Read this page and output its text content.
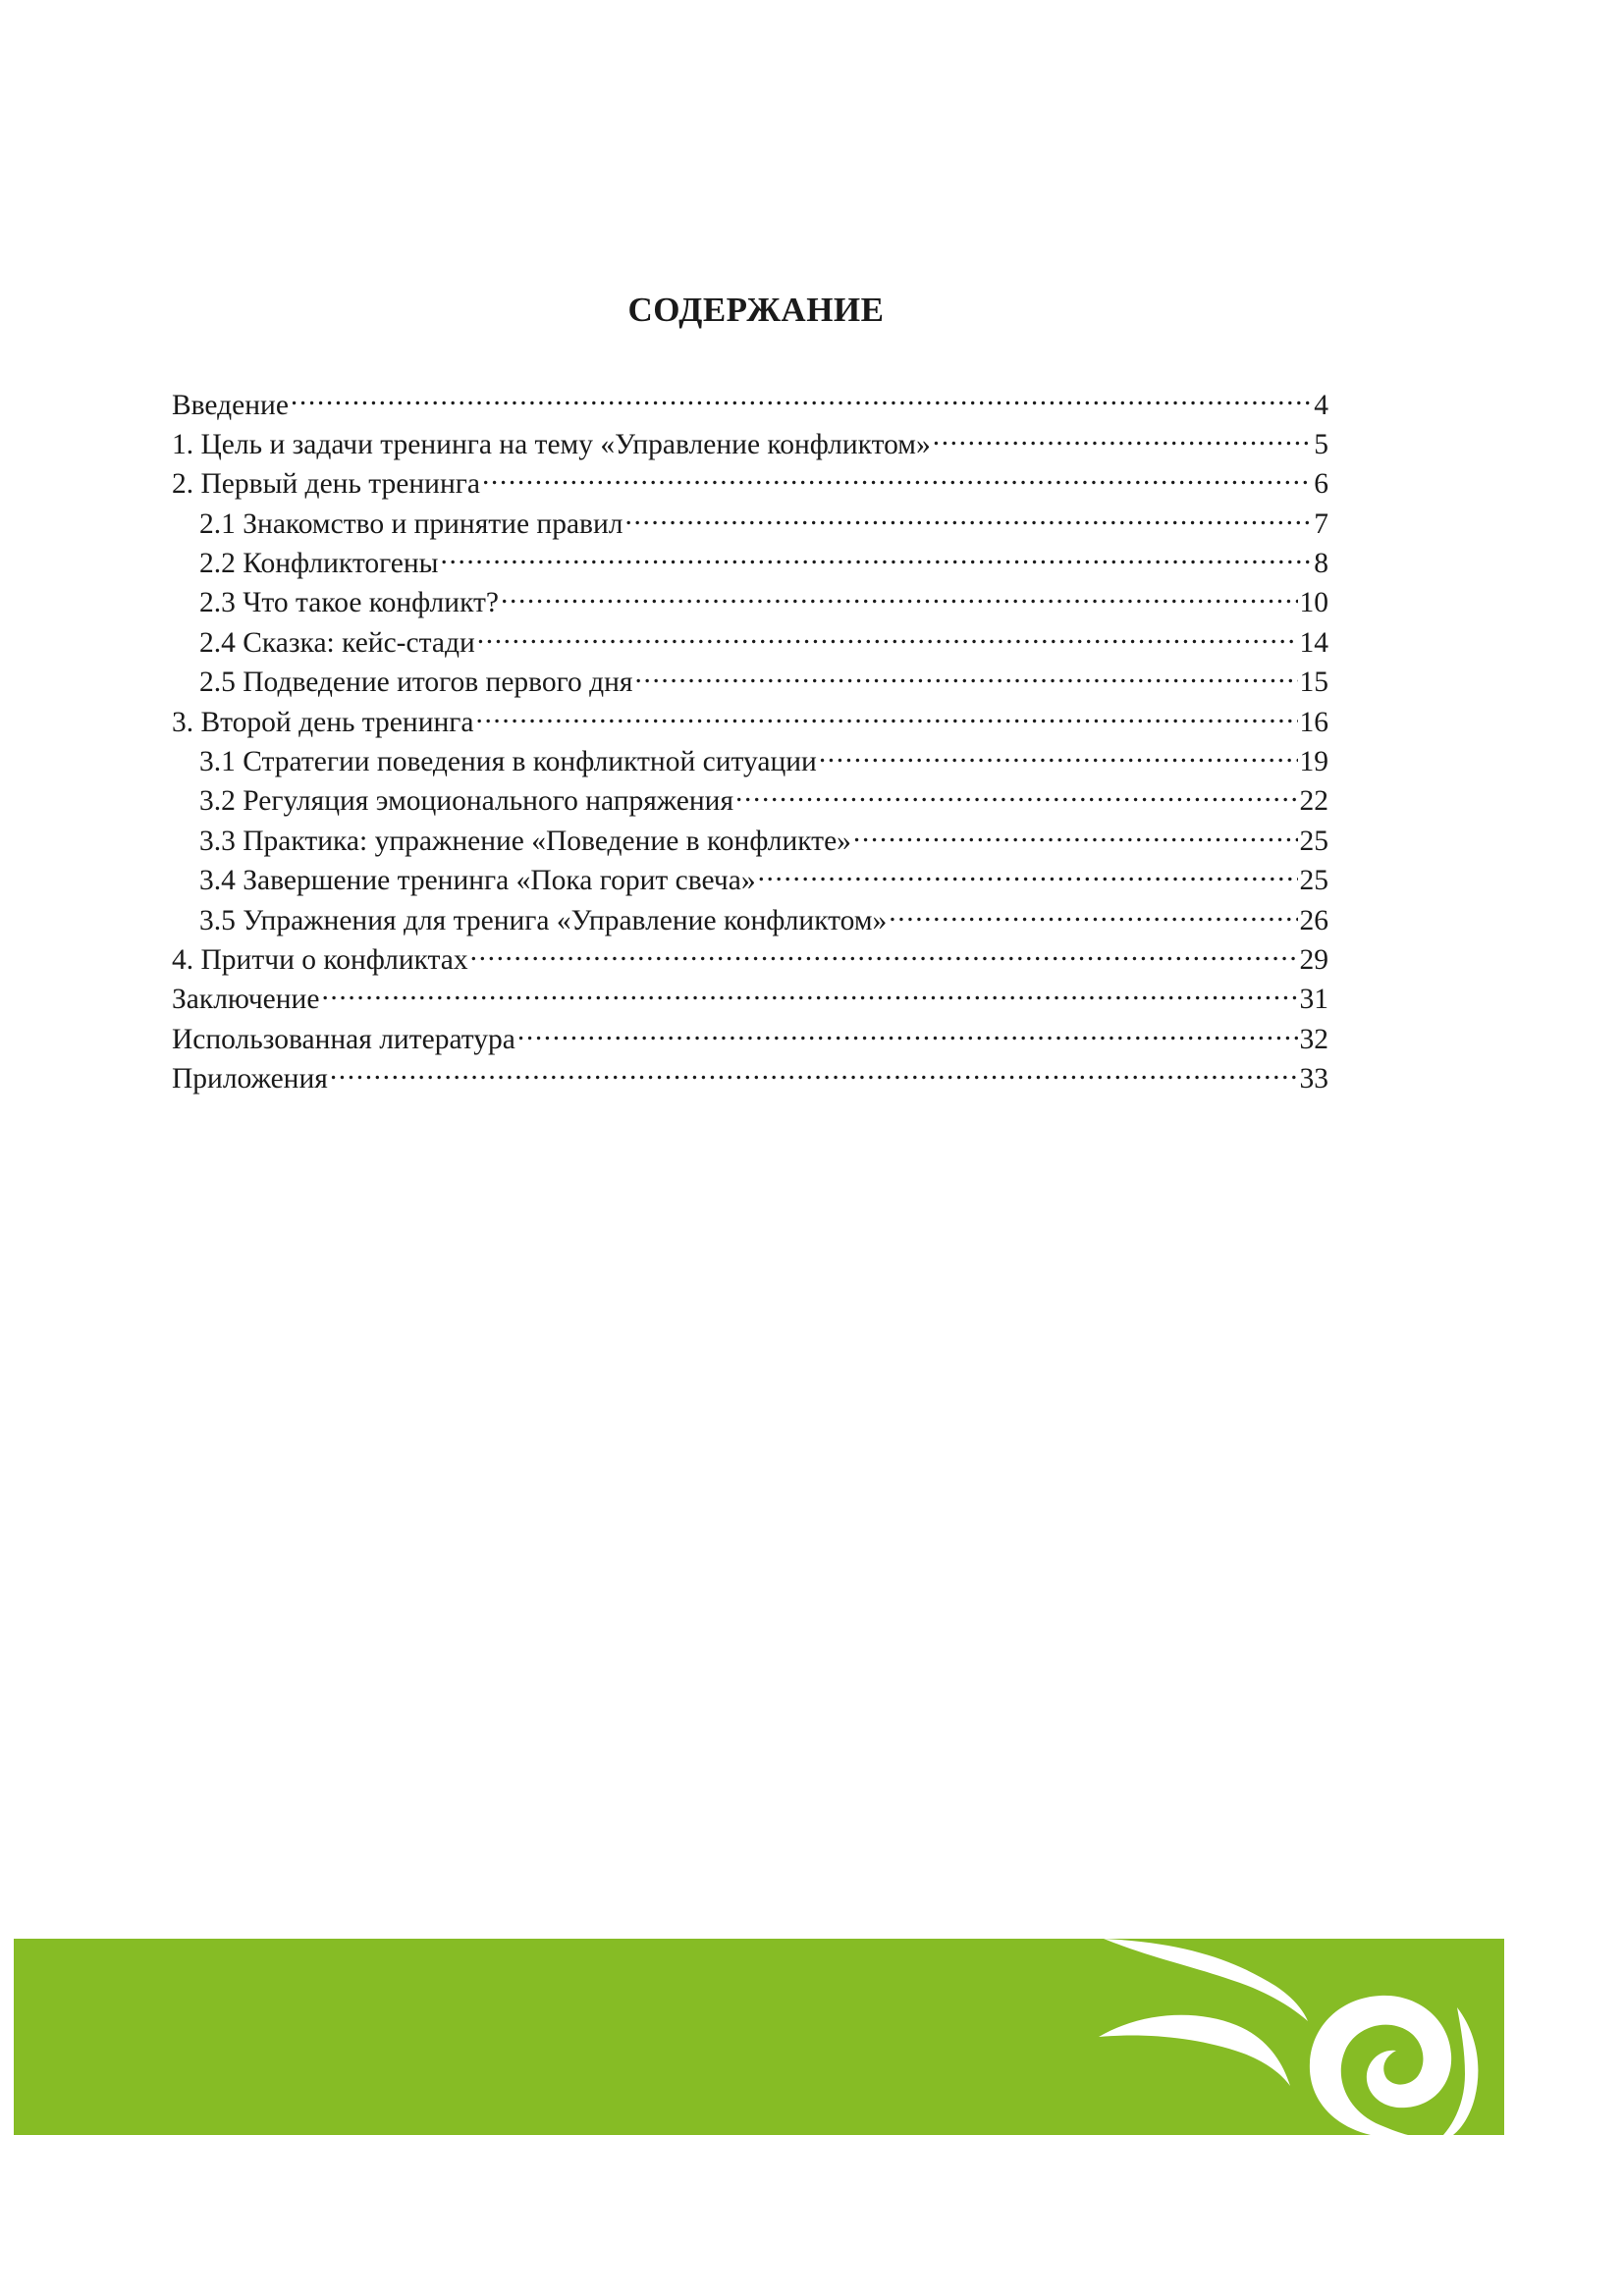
СОДЕРЖАНИЕ
Введение .....	4
1. Цель и задачи тренинга на тему «Управление конфликтом» .....	5
2. Первый день тренинга .....	6
2.1 Знакомство и принятие правил .....	7
2.2 Конфликтогены .....	8
2.3 Что такое конфликт? .....	10
2.4 Сказка: кейс-стади .....	14
2.5 Подведение итогов первого дня .....	15
3. Второй день тренинга .....	16
3.1 Стратегии поведения в конфликтной ситуации .....	19
3.2 Регуляция эмоционального напряжения .....	22
3.3 Практика: упражнение «Поведение в конфликте» .....	25
3.4 Завершение тренинга «Пока горит свеча» .....	25
3.5 Упражнения для тренига «Управление конфликтом» .....	26
4. Притчи о конфликтах .....	29
Заключение .....	31
Использованная литература .....	32
Приложения .....	33
